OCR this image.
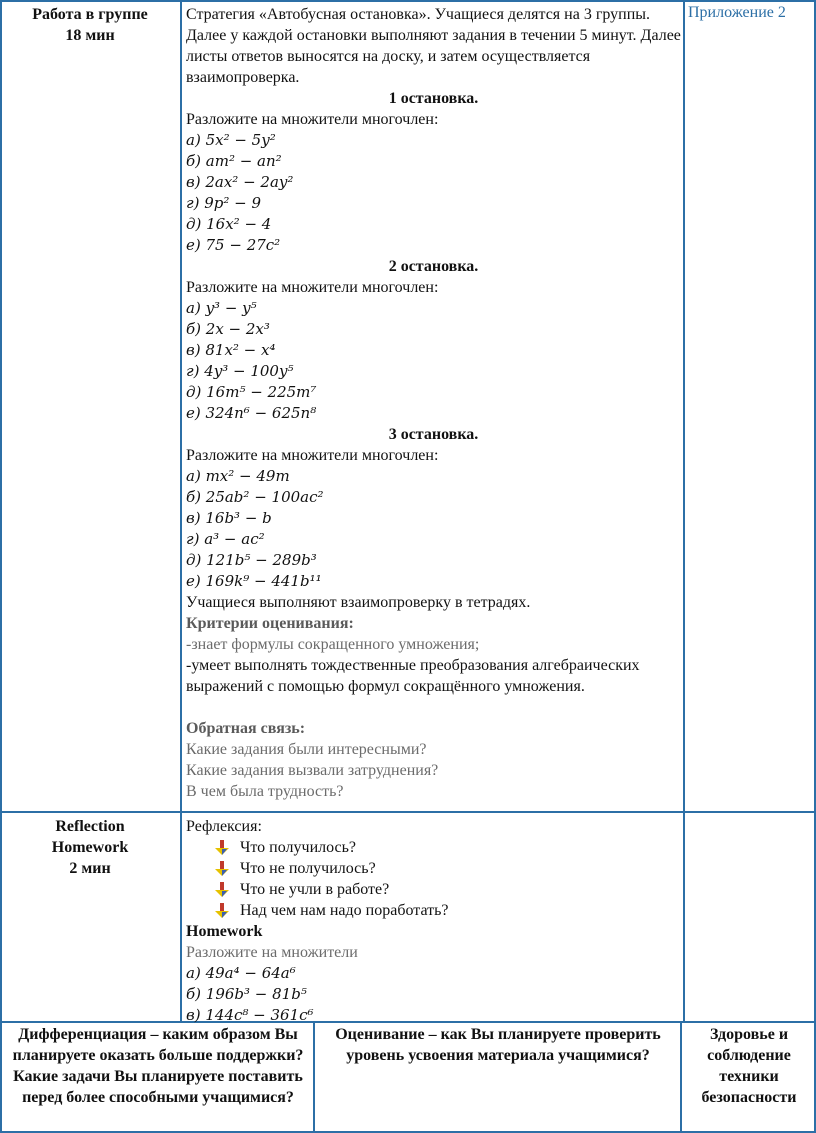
Работа в группе
18 мин
Приложение 2
Стратегия «Автобусная остановка». Учащиеся делятся на 3 группы. Далее у каждой остановки выполняют задания в течении 5 минут. Далее листы ответов выносятся на доску, и затем осуществляется взаимопроверка.
1 остановка.
Разложите на множители многочлен:
а) 5x² − 5y²
б) am² − an²
в) 2ax² − 2ay²
г) 9p² − 9
д) 16x² − 4
е) 75 − 27c²
2 остановка.
Разложите на множители многочлен:
а) y³ − y⁵
б) 2x − 2x³
в) 81x² − x⁴
г) 4y³ − 100y⁵
д) 16m⁵ − 225m⁷
е) 324n⁶ − 625n⁸
3 остановка.
Разложите на множители многочлен:
а) mx² − 49m
б) 25ab² − 100ac²
в) 16b³ − b
г) a³ − ac²
д) 121b⁵ − 289b³
е) 169k⁹ − 441b¹¹
Учащиеся выполняют взаимопроверку в тетрадях.
Критерии оценивания:
-знает формулы сокращенного умножения;
-умеет выполнять тождественные преобразования алгебраических выражений с помощью формул сокращённого умножения.
Обратная связь:
Какие задания были интересными?
Какие задания вызвали затруднения?
В чем была трудность?
Reflection
Homework
2 мин
Рефлексия:
Что получилось?
Что не получилось?
Что не учли в работе?
Над чем нам надо поработать?
Homework
Разложите на множители
а) 49a⁴ − 64a⁶
б) 196b³ − 81b⁵
в) 144c⁸ − 361c⁶
Дифференциация – каким образом Вы планируете оказать больше поддержки? Какие задачи Вы планируете поставить перед более способными учащимися?
Оценивание – как Вы планируете проверить уровень усвоения материала учащимися?
Здоровье и соблюдение техники безопасности
